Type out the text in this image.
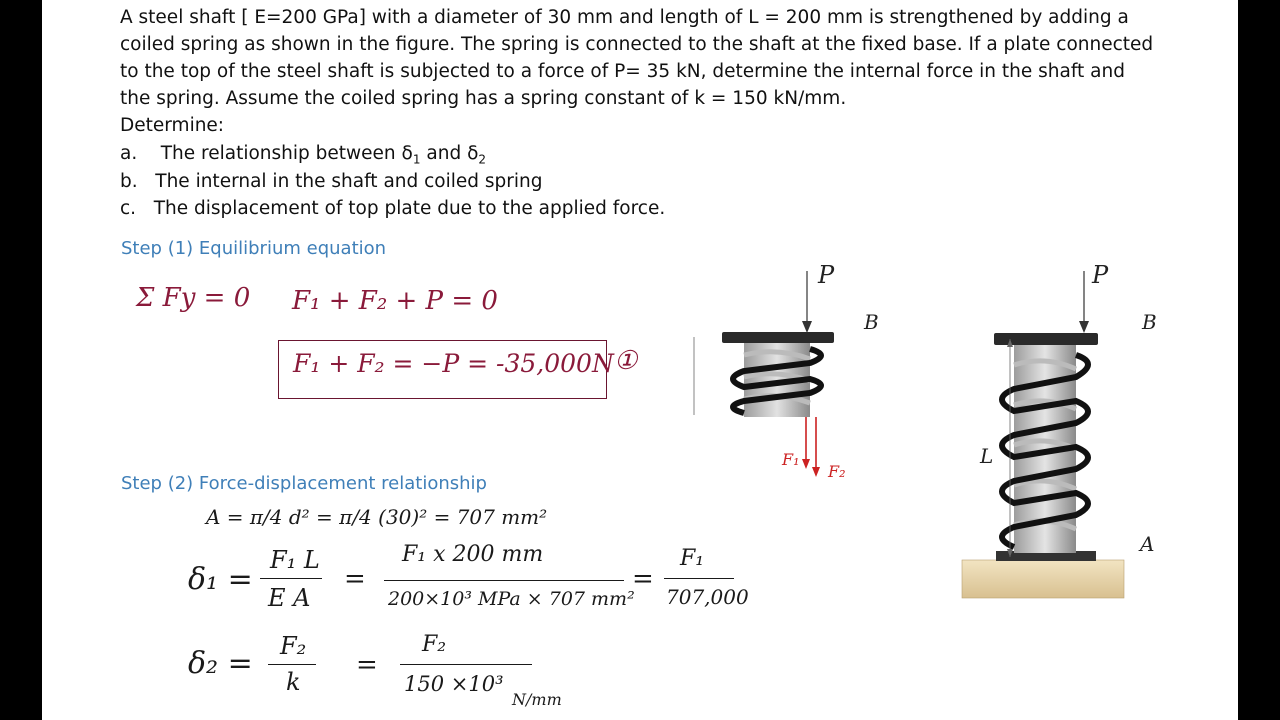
A steel shaft [ E=200 GPa] with a diameter of 30 mm and length of L = 200 mm is strengthened by adding a
coiled spring as shown in the figure. The spring is connected to the shaft at the fixed base. If a plate connected
to the top of the steel shaft is subjected to a force of P= 35 kN, determine the internal force in the shaft and
the spring. Assume the coiled spring has a spring constant of k = 150 kN/mm.
Determine:
a. The relationship between $\delta_1$ and $\delta_2$
b. The internal in the shaft and coiled spring
c. The displacement of top plate due to the applied force.
Step (1) Equilibrium equation
Σ Fy = 0 F₁ + F₂ + P = 0
F₁ + F₂ = −P = -35,000N ①
Step (2) Force-displacement relationship
A = π/4 d² = π/4 (30)² = 707 mm²
δ₁ =
F₁ L
E A
=
F₁ x 200 mm
200×10³ MPa × 707 mm²
=
F₁
707,000
δ₂ = F₂
k
=
F₂
150 ×10³
N/mm
P
B
F₁
F₂
P
B
L
A
